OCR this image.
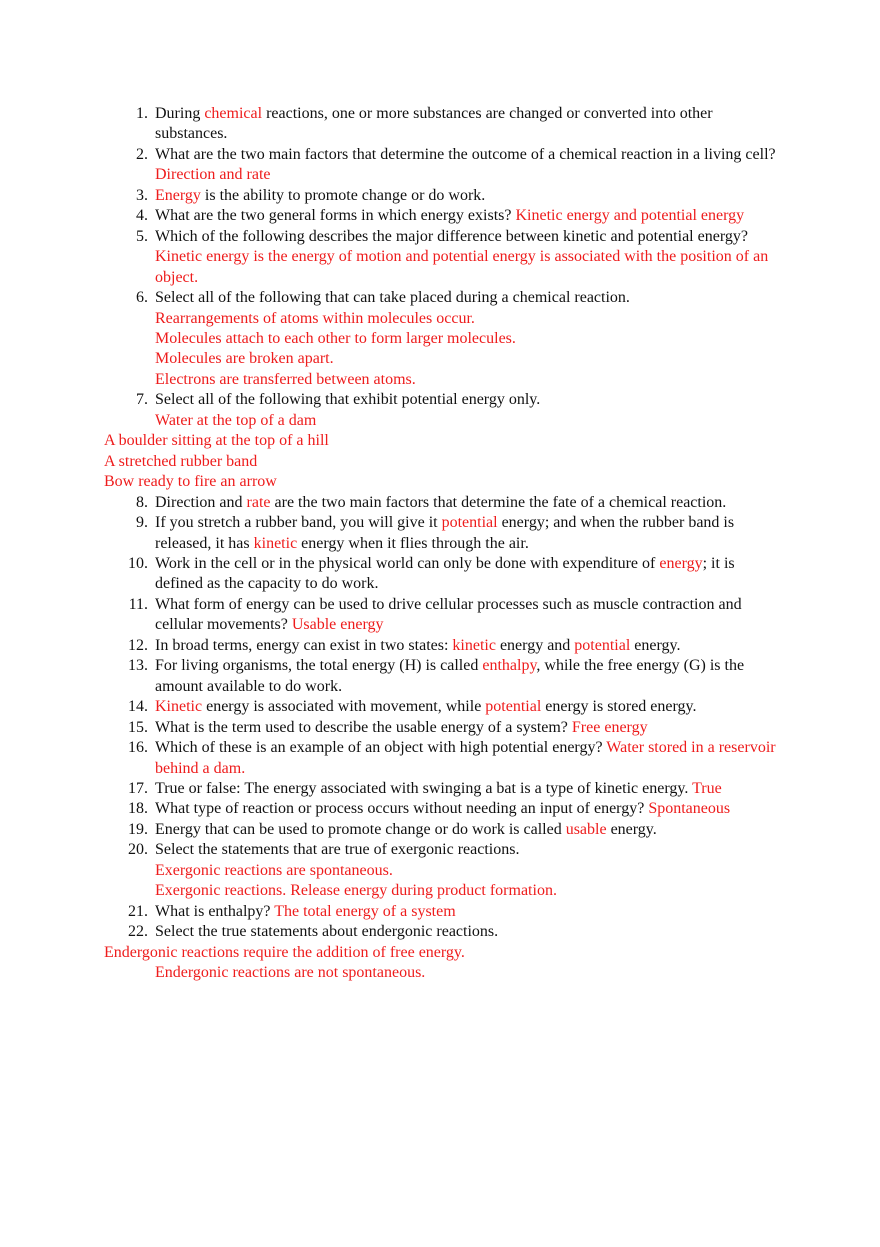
1. During chemical reactions, one or more substances are changed or converted into other substances.
2. What are the two main factors that determine the outcome of a chemical reaction in a living cell? Direction and rate
3. Energy is the ability to promote change or do work.
4. What are the two general forms in which energy exists? Kinetic energy and potential energy
5. Which of the following describes the major difference between kinetic and potential energy? Kinetic energy is the energy of motion and potential energy is associated with the position of an object.
6. Select all of the following that can take placed during a chemical reaction.
Rearrangements of atoms within molecules occur.
Molecules attach to each other to form larger molecules.
Molecules are broken apart.
Electrons are transferred between atoms.
7. Select all of the following that exhibit potential energy only.
Water at the top of a dam
A boulder sitting at the top of a hill
A stretched rubber band
Bow ready to fire an arrow
8. Direction and rate are the two main factors that determine the fate of a chemical reaction.
9. If you stretch a rubber band, you will give it potential energy; and when the rubber band is released, it has kinetic energy when it flies through the air.
10. Work in the cell or in the physical world can only be done with expenditure of energy; it is defined as the capacity to do work.
11. What form of energy can be used to drive cellular processes such as muscle contraction and cellular movements? Usable energy
12. In broad terms, energy can exist in two states: kinetic energy and potential energy.
13. For living organisms, the total energy (H) is called enthalpy, while the free energy (G) is the amount available to do work.
14. Kinetic energy is associated with movement, while potential energy is stored energy.
15. What is the term used to describe the usable energy of a system? Free energy
16. Which of these is an example of an object with high potential energy? Water stored in a reservoir behind a dam.
17. True or false: The energy associated with swinging a bat is a type of kinetic energy. True
18. What type of reaction or process occurs without needing an input of energy? Spontaneous
19. Energy that can be used to promote change or do work is called usable energy.
20. Select the statements that are true of exergonic reactions.
Exergonic reactions are spontaneous.
Exergonic reactions. Release energy during product formation.
21. What is enthalpy? The total energy of a system
22. Select the true statements about endergonic reactions.
Endergonic reactions require the addition of free energy.
Endergonic reactions are not spontaneous.
